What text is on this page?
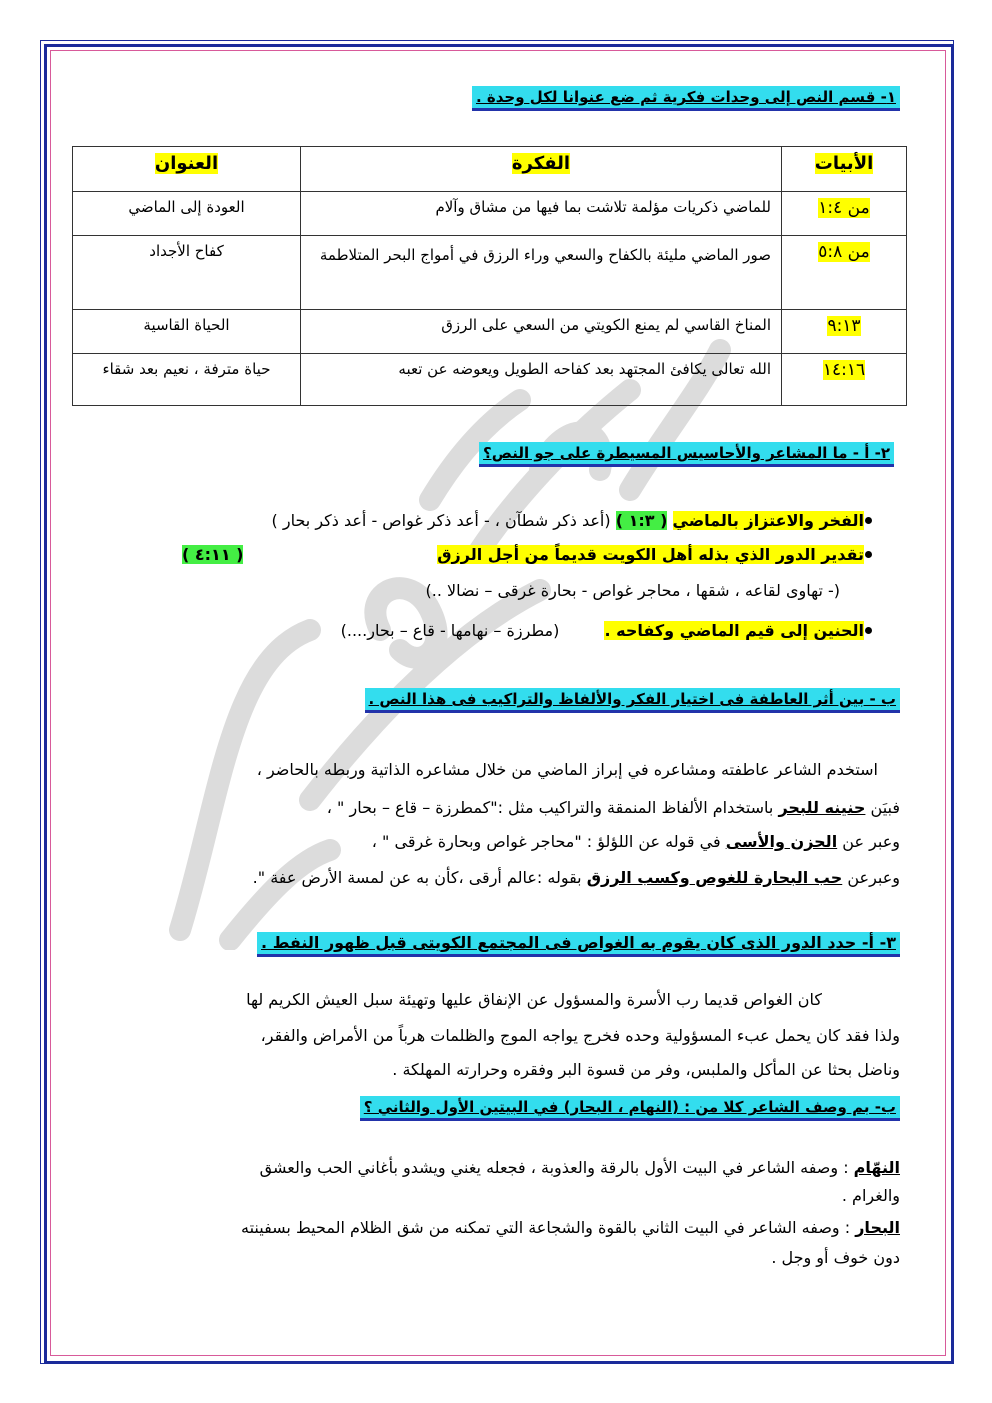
١- قسم النص إلى وحدات فكرية ثم ضع عنوانا لكل وحدة .
الأبيات	الفكرة	العنوان
من ١:٤	للماضي ذكريات مؤلمة تلاشت بما فيها من مشاق وآلام	العودة إلى الماضي
من ٥:٨	صور الماضي مليئة بالكفاح والسعي وراء الرزق في أمواج البحر المتلاطمة	كفاح الأجداد
٩:١٣	المناخ القاسي لم يمنع الكويتي من السعي على الرزق	الحياة القاسية
١٤:١٦	الله تعالى يكافئ المجتهد بعد كفاحه الطويل ويعوضه عن تعبه	حياة مترفة ، نعيم بعد شقاء
٢- أ - ما المشاعر والأحاسيس المسيطرة على جو النص؟
الفخر والاعتزاز بالماضي ( ١:٣ ) (أعد ذكر شطآن ، - أعد ذكر غواص - أعد ذكر بحار )
تقدير الدور الذي بذله أهل الكويت قديماً من أجل الرزق
( ٤:١١ )
(- تهاوى لقاعه ، شقها ، محاجر غواص - بحارة غرقى – نضالا ..)
الحنين إلى قيم الماضي وكفاحه . (مطرزة – نهامها - قاع – بحار....)
ب - بين أثر العاطفة فى اختيار الفكر والألفاظ والتراكيب فى هذا النص .
استخدم الشاعر عاطفته ومشاعره في إبراز الماضي من خلال مشاعره الذاتية وربطه بالحاضر ،
فبيَن حنينه للبحر باستخدام الألفاظ المنمقة والتراكيب مثل :"كمطرزة – قاع – بحار " ،
وعبر عن الحزن والأسى في قوله عن اللؤلؤ : "محاجر غواص وبحارة غرقى " ،
وعبرعن حب البحارة للغوص وكسب الرزق بقوله :عالم أرقى ،كأن به عن لمسة الأرض عفة ".
٣- أ- حدد الدور الذى كان يقوم به الغواص فى المجتمع الكويتى قبل ظهور النفط .
كان الغواص قديما رب الأسرة والمسؤول عن الإنفاق عليها وتهيئة سبل العيش الكريم لها
ولذا فقد كان يحمل عبء المسؤولية وحده فخرج يواجه الموج والظلمات هرباً من الأمراض والفقر،
وناضل بحثا عن المأكل والملبس، وفر من قسوة البر وفقره وحرارته المهلكة .
ب- بم وصف الشاعر كلا من : (النهام ، البحار) في البيتين الأول والثاني ؟
النهّام : وصفه الشاعر في البيت الأول بالرقة والعذوبة ، فجعله يغني ويشدو بأغاني الحب والعشق
والغرام .
البحار : وصفه الشاعر في البيت الثاني بالقوة والشجاعة التي تمكنه من شق الظلام المحيط بسفينته
دون خوف أو وجل .
